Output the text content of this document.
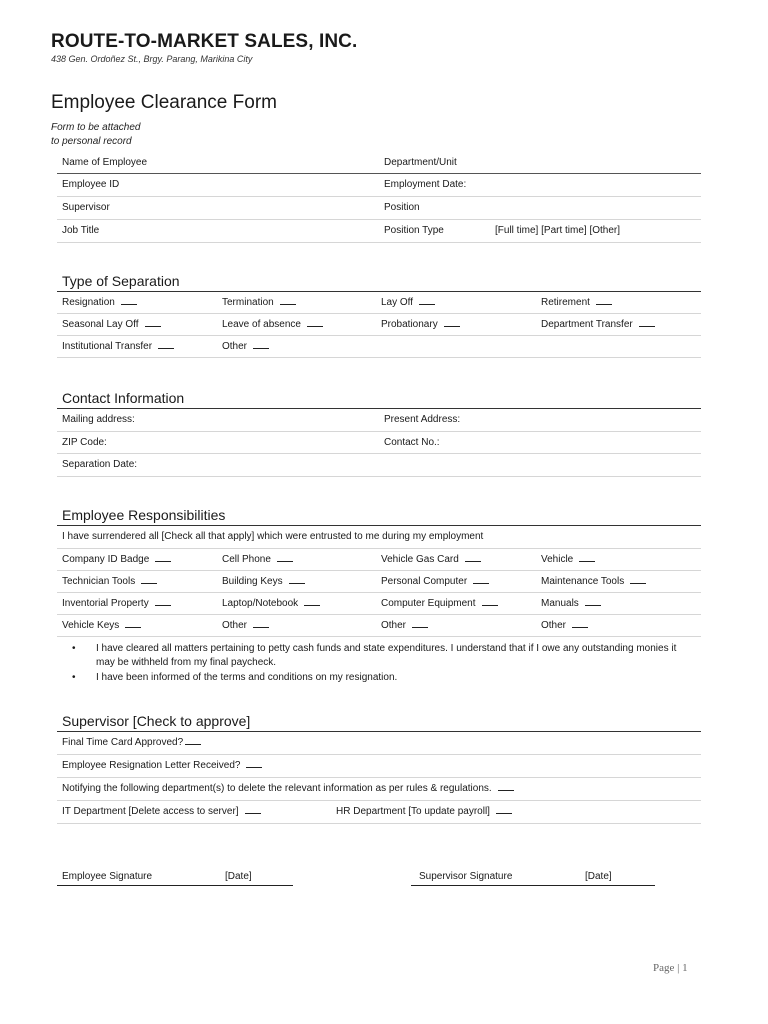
ROUTE-TO-MARKET SALES, INC.
438 Gen. Ordoñez St., Brgy. Parang, Marikina City
Employee Clearance Form
Form to be attached
to personal record
Name of Employee	Department/Unit
Employee ID	Employment Date:
Supervisor	Position
Job Title	Position Type	[Full time] [Part time] [Other]
Type of Separation
Resignation	Termination	Lay Off	Retirement
Seasonal Lay Off	Leave of absence	Probationary	Department Transfer
Institutional Transfer	Other
Contact Information
Mailing address:	Present Address:
ZIP Code:	Contact No.:
Separation Date:
Employee Responsibilities
I have surrendered all [Check all that apply] which were entrusted to me during my employment
Company ID Badge	Cell Phone	Vehicle Gas Card	Vehicle
Technician Tools	Building Keys	Personal Computer	Maintenance Tools
Inventorial Property	Laptop/Notebook	Computer Equipment	Manuals
Vehicle Keys	Other	Other	Other
• I have cleared all matters pertaining to petty cash funds and state expenditures. I understand that if I owe any outstanding monies it may be withheld from my final paycheck.
• I have been informed of the terms and conditions on my resignation.
Supervisor [Check to approve]
Final Time Card Approved?
Employee Resignation Letter Received?
Notifying the following department(s) to delete the relevant information as per rules & regulations.
IT Department [Delete access to server]	HR Department [To update payroll]
Employee Signature	[Date]	Supervisor Signature	[Date]
Page | 1
